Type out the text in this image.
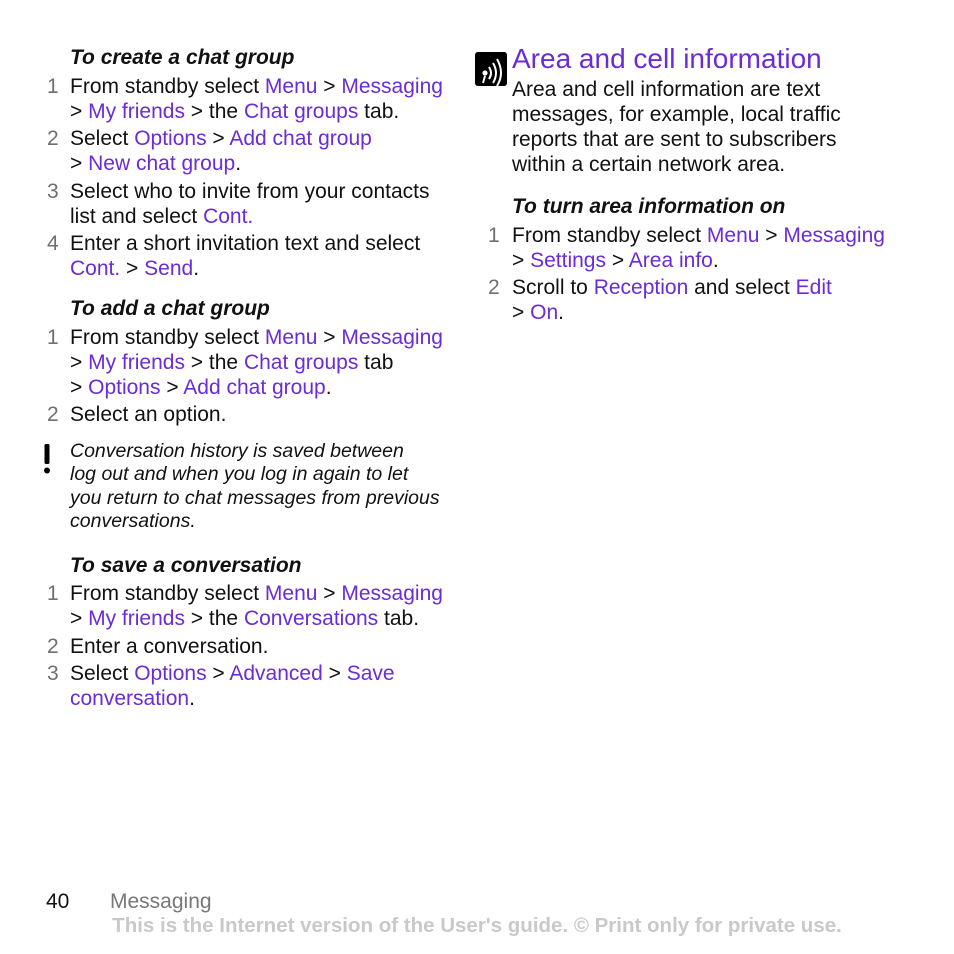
To create a chat group
1 From standby select Menu > Messaging
> My friends > the Chat groups tab.
2 Select Options > Add chat group
> New chat group.
3 Select who to invite from your contacts
list and select Cont.
4 Enter a short invitation text and select
Cont. > Send.
To add a chat group
1 From standby select Menu > Messaging
> My friends > the Chat groups tab
> Options > Add chat group.
2 Select an option.
Conversation history is saved between
log out and when you log in again to let
you return to chat messages from previous
conversations.
To save a conversation
1 From standby select Menu > Messaging
> My friends > the Conversations tab.
2 Enter a conversation.
3 Select Options > Advanced > Save
conversation.
Area and cell information
Area and cell information are text
messages, for example, local traffic
reports that are sent to subscribers
within a certain network area.
To turn area information on
1 From standby select Menu > Messaging
> Settings > Area info.
2 Scroll to Reception and select Edit
> On.
40 Messaging
This is the Internet version of the User's guide. © Print only for private use.
